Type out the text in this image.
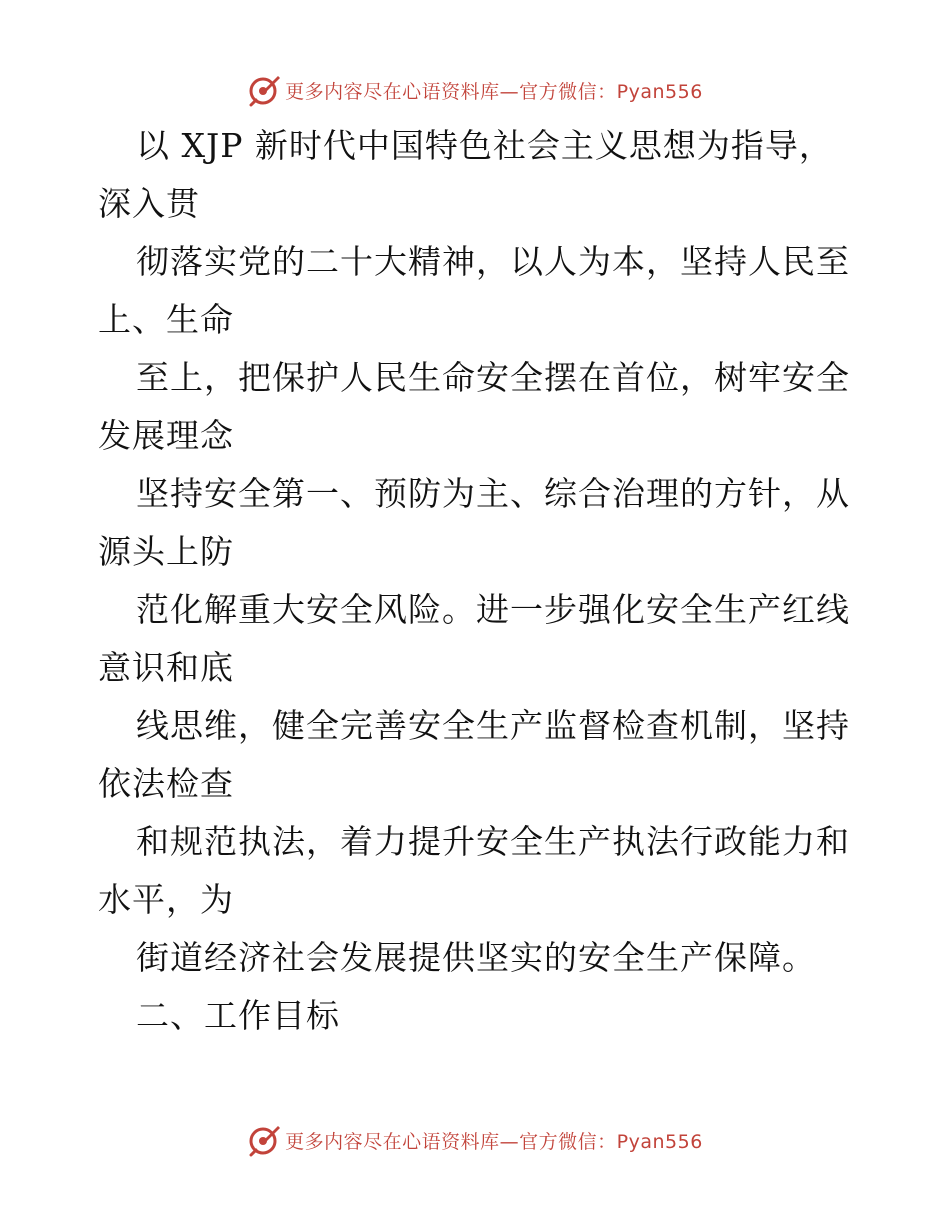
更多内容尽在心语资料库—官方微信：Pyan556

以 XJP 新时代中国特色社会主义思想为指导，

深入贯

彻落实党的二十大精神，以人为本，坚持人民至

上、生命

至上，把保护人民生命安全摆在首位，树牢安全

发展理念

坚持安全第一、预防为主、综合治理的方针，从

源头上防

范化解重大安全风险。进一步强化安全生产红线

意识和底

线思维，健全完善安全生产监督检查机制，坚持

依法检查

和规范执法，着力提升安全生产执法行政能力和

水平，为

街道经济社会发展提供坚实的安全生产保障。

二、工作目标

更多内容尽在心语资料库—官方微信：Pyan556
